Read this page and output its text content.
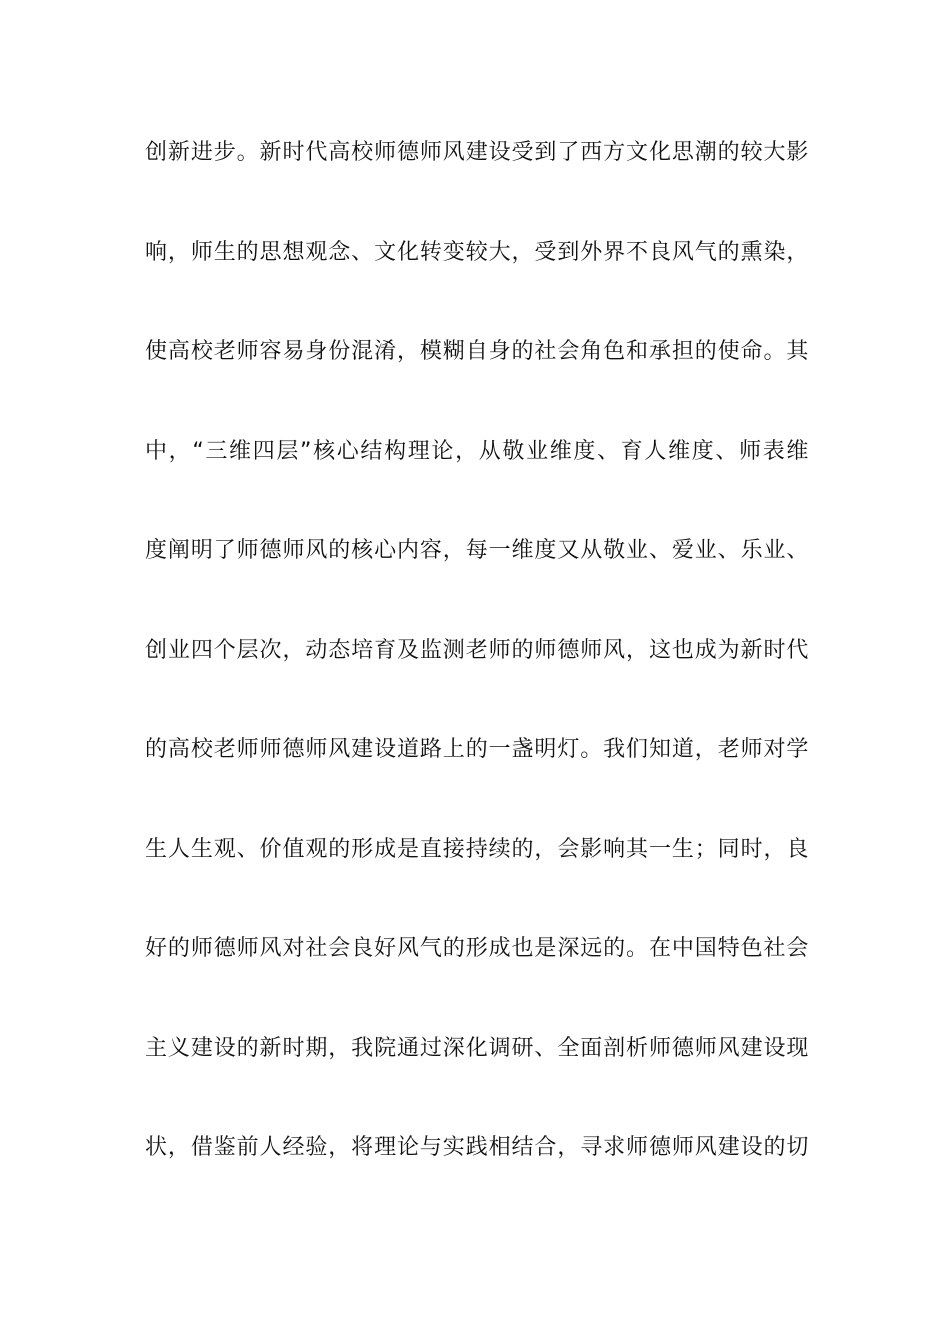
创新进步。新时代高校师德师风建设受到了西方文化思潮的较大影
响，师生的思想观念、文化转变较大，受到外界不良风气的熏染，
使高校老师容易身份混淆，模糊自身的社会角色和承担的使命。其
中，“三维四层”核心结构理论，从敬业维度、育人维度、师表维
度阐明了师德师风的核心内容，每一维度又从敬业、爱业、乐业、
创业四个层次，动态培育及监测老师的师德师风，这也成为新时代
的高校老师师德师风建设道路上的一盏明灯。我们知道，老师对学
生人生观、价值观的形成是直接持续的，会影响其一生；同时，良
好的师德师风对社会良好风气的形成也是深远的。在中国特色社会
主义建设的新时期，我院通过深化调研、全面剖析师德师风建设现
状，借鉴前人经验，将理论与实践相结合，寻求师德师风建设的切
